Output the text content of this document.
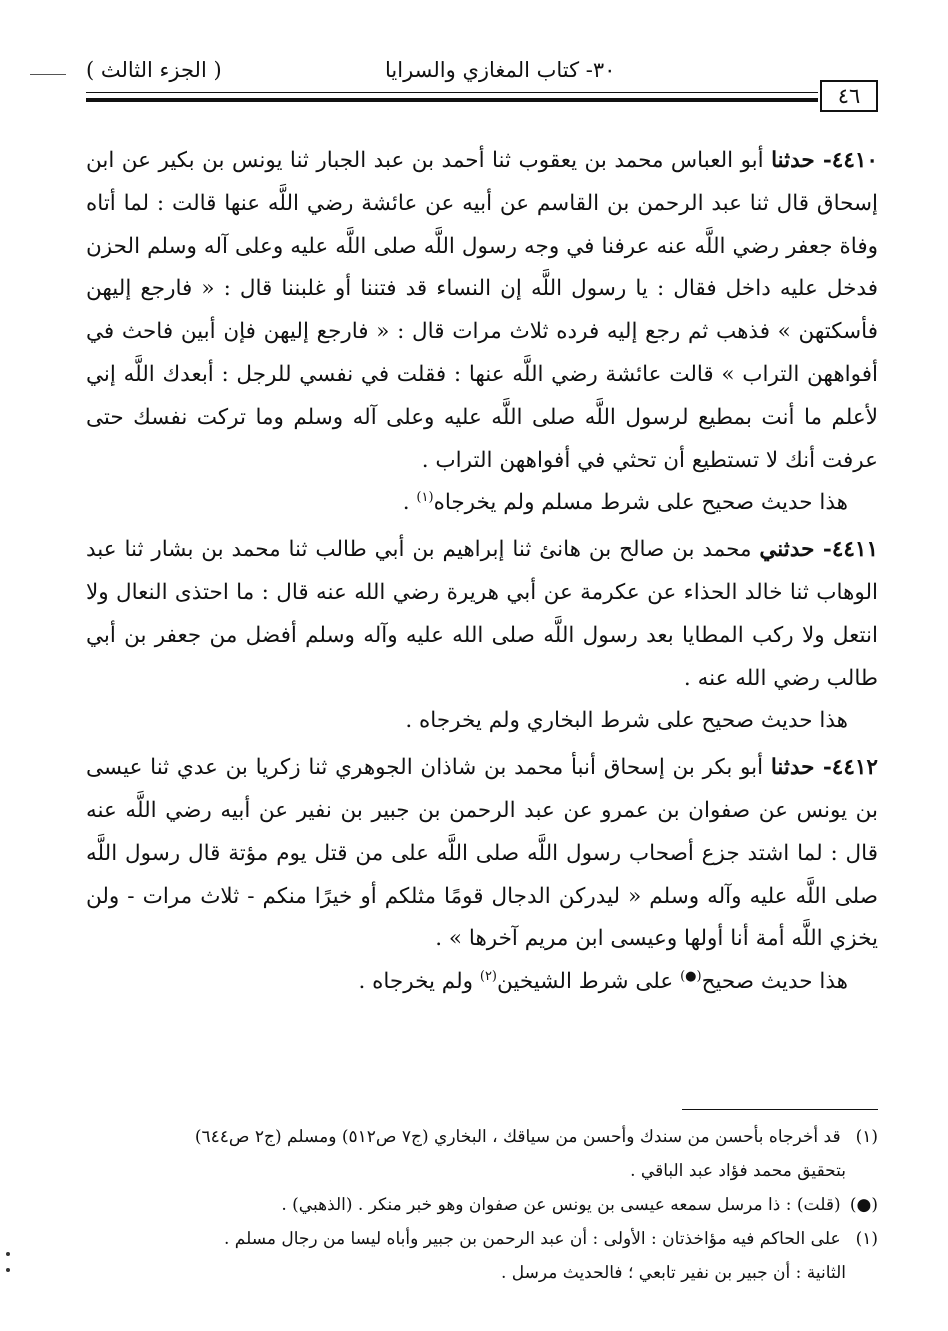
( الجزء الثالث )	٣٠- كتاب المغازي والسرايا
٤٦

٤٤١٠- حدثنا أبو العباس محمد بن يعقوب ثنا أحمد بن عبد الجبار ثنا يونس بن بكير عن ابن إسحاق قال ثنا عبد الرحمن بن القاسم عن أبيه عن عائشة رضي اللَّه عنها قالت : لما أتاه وفاة جعفر رضي اللَّه عنه عرفنا في وجه رسول اللَّه صلى اللَّه عليه وعلى آله وسلم الحزن فدخل عليه داخل فقال : يا رسول اللَّه إن النساء قد فتننا أو غلبننا قال : « فارجع إليهن فأسكتهن » فذهب ثم رجع إليه فرده ثلاث مرات قال : « فارجع إليهن فإن أبين فاحث في أفواههن التراب » قالت عائشة رضي اللَّه عنها : فقلت في نفسي للرجل : أبعدك اللَّه إني لأعلم ما أنت بمطيع لرسول اللَّه صلى اللَّه عليه وعلى آله وسلم وما تركت نفسك حتى عرفت أنك لا تستطيع أن تحثي في أفواههن التراب .

هذا حديث صحيح على شرط مسلم ولم يخرجاه$^{(١)}$ .

٤٤١١- حدثني محمد بن صالح بن هانئ ثنا إبراهيم بن أبي طالب ثنا محمد بن بشار ثنا عبد الوهاب ثنا خالد الحذاء عن عكرمة عن أبي هريرة رضي الله عنه قال : ما احتذى النعال ولا انتعل ولا ركب المطايا بعد رسول اللَّه صلى الله عليه وآله وسلم أفضل من جعفر بن أبي طالب رضي الله عنه .

هذا حديث صحيح على شرط البخاري ولم يخرجاه .

٤٤١٢- حدثنا أبو بكر بن إسحاق أنبأ محمد بن شاذان الجوهري ثنا زكريا بن عدي ثنا عيسى بن يونس عن صفوان بن عمرو عن عبد الرحمن بن جبير بن نفير عن أبيه رضي اللَّه عنه قال : لما اشتد جزع أصحاب رسول اللَّه صلى اللَّه على من قتل يوم مؤتة قال رسول اللَّه صلى اللَّه عليه وآله وسلم « ليدركن الدجال قومًا مثلكم أو خيرًا منكم - ثلاث مرات - ولن يخزي اللَّه أمة أنا أولها وعيسى ابن مريم آخرها » .

هذا حديث صحيح(●) على شرط الشيخين$^{(٢)}$ ولم يخرجاه .

(١) قد أخرجاه بأحسن من سندك وأحسن من سياقك ، البخاري (ج٧ ص٥١٢) ومسلم (ج٢ ص٦٤٤)

بتحقيق محمد فؤاد عبد الباقي .

(●) (قلت) : ذا مرسل سمعه عيسى بن يونس عن صفوان وهو خبر منكر . (الذهبي) .

(١) على الحاكم فيه مؤاخذتان : الأولى : أن عبد الرحمن بن جبير وأباه ليسا من رجال مسلم .

الثانية : أن جبير بن نفير تابعي ؛ فالحديث مرسل .
